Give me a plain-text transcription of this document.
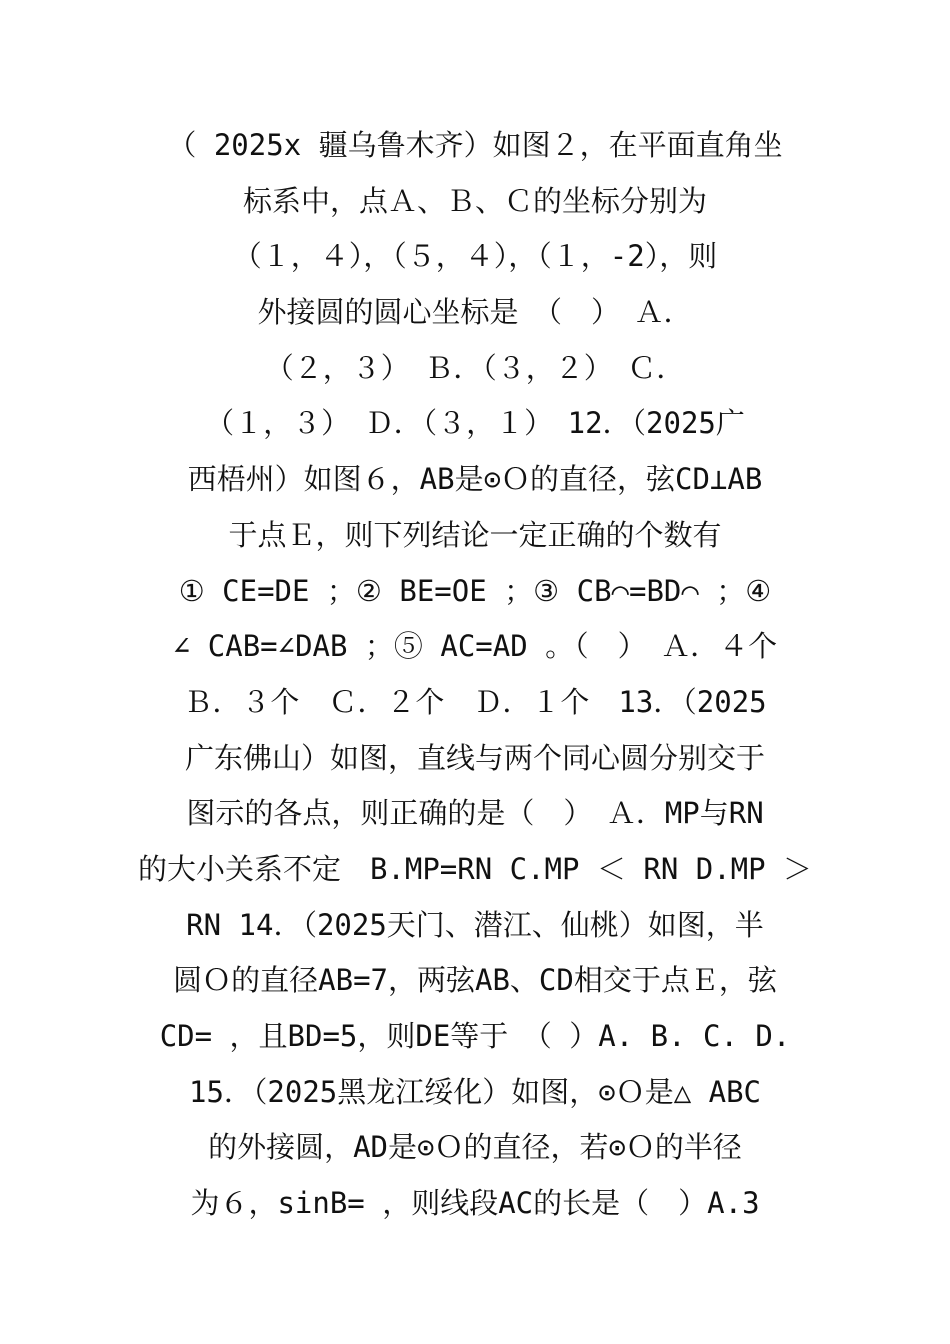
（ 2025x 疆乌鲁木齐）如图２，在平面直角坐
标系中，点Ａ、Ｂ、Ｃ的坐标分别为
（１，４），（５，４），（１，-2），则
外接圆的圆心坐标是　（　）　Ａ．
（２，３）　Ｂ．（３，２）　Ｃ．
（１，３）　Ｄ．（３，１）　12．（2025广
西梧州）如图６，AB是⊙Ｏ的直径，弦CD⊥AB
于点Ｅ，则下列结论一定正确的个数有
① CE=DE ；② BE=OE ；③ CB⌒=BD⌒ ；④
∠ CAB=∠DAB ；⑤ AC=AD 。（　）　Ａ．４个
Ｂ．３个　Ｃ．２个　Ｄ．１个　13．（2025
广东佛山）如图，直线与两个同心圆分别交于
图示的各点，则正确的是（　）　Ａ．MP与RN
的大小关系不定　B.MP=RN C.MP ＜ RN D.MP ＞
RN 14．（2025天门、潜江、仙桃）如图，半
圆Ｏ的直径AB=7，两弦AB、CD相交于点Ｅ，弦
CD= ，且BD=5，则DE等于　（ ）A. B. C. D.
15．（2025黑龙江绥化）如图，⊙Ｏ是△ ABC
的外接圆，AD是⊙Ｏ的直径，若⊙Ｏ的半径
为６，sinB= ，则线段AC的长是（　）A.3
